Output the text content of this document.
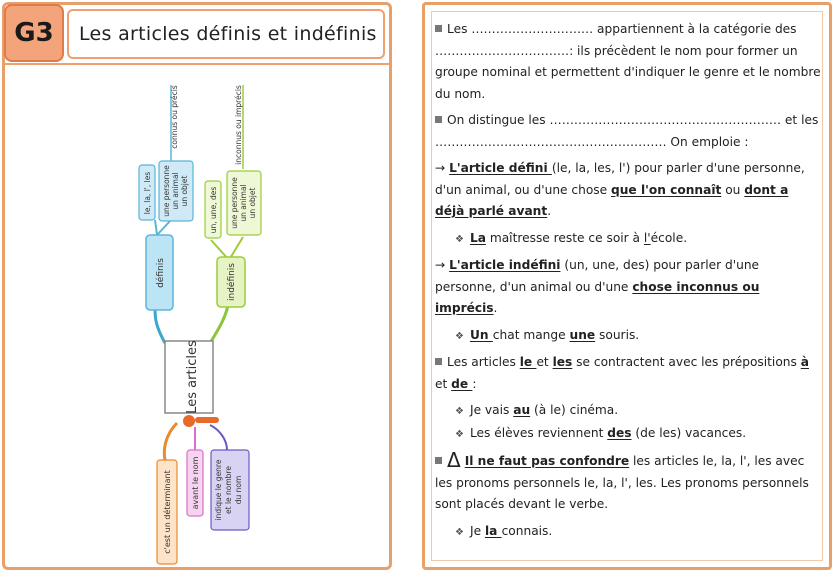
G3	Les articles définis et indéfinis
définis
le, la, l', les une personne un animal un objet
connus ou précis
indéfinis
un, une, des une personne un animal un objet
inconnus ou imprécis
Les articles
c'est un déterminant avant le nom indique le genre et le nombre du nom
Les ………………………… appartiennent à la catégorie des ……………………………: ils précèdent le nom pour former un groupe nominal et permettent d'indiquer le genre et le nombre du nom.
On distingue les ………………………………………………… et les ………………………………………………… On emploie :
→ L'article défini (le, la, les, l') pour parler d'une personne, d'un animal, ou d'une chose que l'on connaît ou dont a déjà parlé avant.
❖ La maîtresse reste ce soir à l'école.
→ L'article indéfini (un, une, des) pour parler d'une personne, d'un animal ou d'une chose inconnus ou imprécis.
❖ Un chat mange une souris.
Les articles le et les se contractent avec les prépositions à et de :
❖ Je vais au (à le) cinéma.
❖ Les élèves reviennent des (de les) vacances.
Δ Il ne faut pas confondre les articles le, la, l', les avec les pronoms personnels le, la, l', les. Les pronoms personnels sont placés devant le verbe.
❖ Je la connais.
